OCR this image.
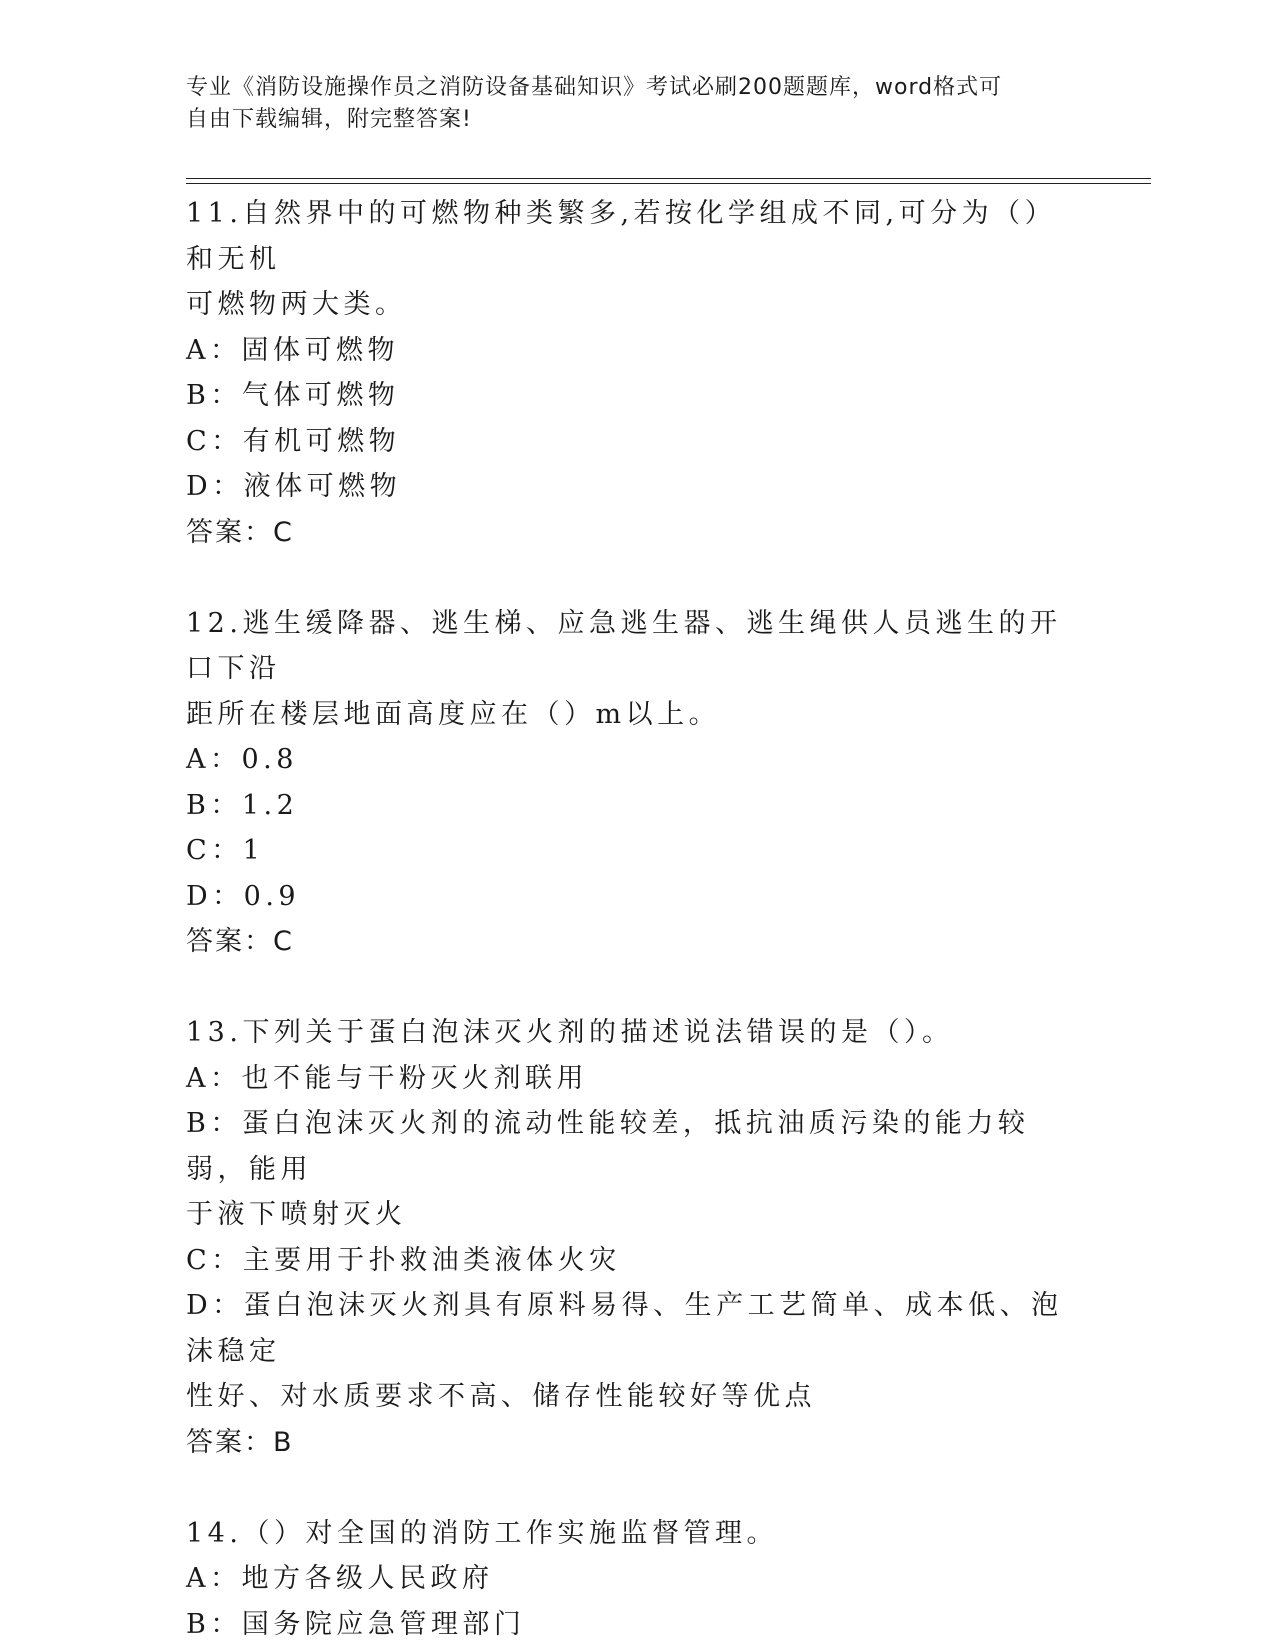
专业《消防设施操作员之消防设备基础知识》考试必刷200题题库，word格式可
自由下载编辑，附完整答案!
11.自然界中的可燃物种类繁多,若按化学组成不同,可分为（）和无机
可燃物两大类。
A：固体可燃物
B：气体可燃物
C：有机可燃物
D：液体可燃物
答案：C
12.逃生缓降器、逃生梯、应急逃生器、逃生绳供人员逃生的开口下沿
距所在楼层地面高度应在（）m以上。
A：0.8
B：1.2
C：1
D：0.9
答案：C
13.下列关于蛋白泡沫灭火剂的描述说法错误的是（）。
A：也不能与干粉灭火剂联用
B：蛋白泡沫灭火剂的流动性能较差，抵抗油质污染的能力较弱，能用
于液下喷射灭火
C：主要用于扑救油类液体火灾
D：蛋白泡沫灭火剂具有原料易得、生产工艺简单、成本低、泡沫稳定
性好、对水质要求不高、储存性能较好等优点
答案：B
14.（）对全国的消防工作实施监督管理。
A：地方各级人民政府
B：国务院应急管理部门
